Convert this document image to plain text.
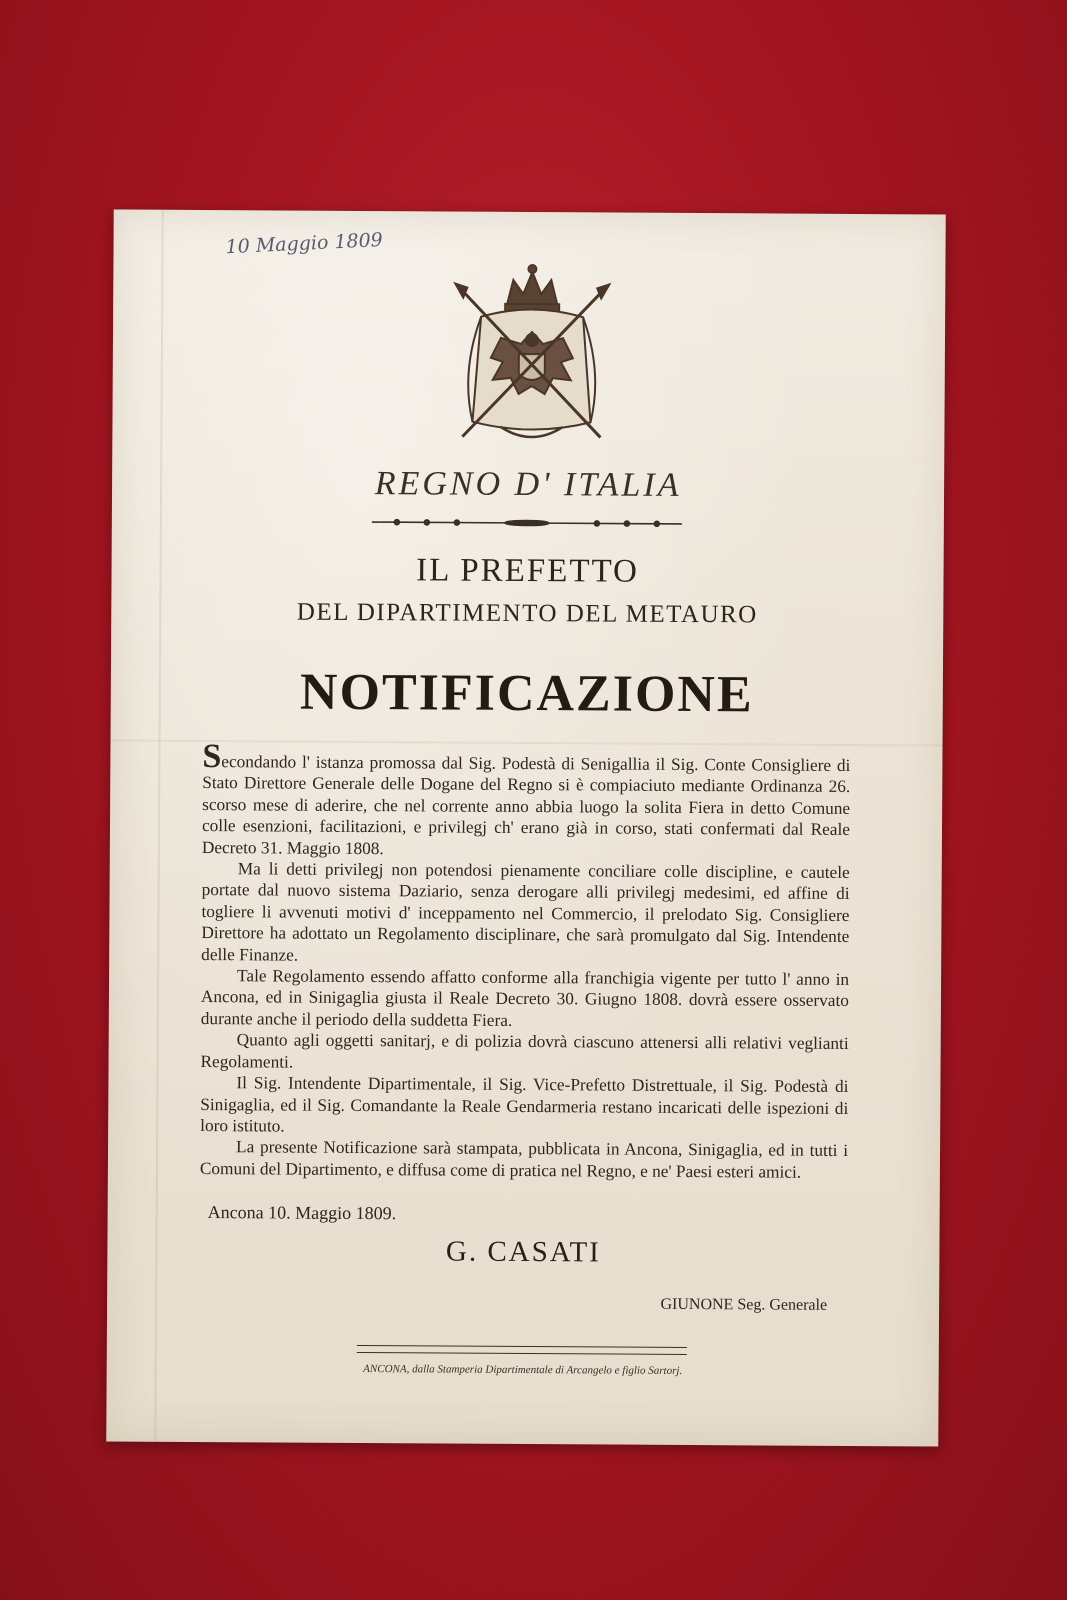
10 Maggio 1809
REGNO D' ITALIA
IL PREFETTO
DEL DIPARTIMENTO DEL METAURO
NOTIFICAZIONE

Secondando l' istanza promossa dal Sig. Podestà di Senigallia il Sig. Conte Consigliere di Stato Direttore Generale delle Dogane del Regno si è compiaciuto mediante Ordinanza 26. scorso mese di aderire, che nel corrente anno abbia luogo la solita Fiera in detto Comune colle esenzioni, facilitazioni, e privilegj ch' erano già in corso, stati confermati dal Reale Decreto 31. Maggio 1808.

Ma li detti privilegj non potendosi pienamente conciliare colle discipline, e cautele portate dal nuovo sistema Daziario, senza derogare alli privilegj medesimi, ed affine di togliere li avvenuti motivi d' inceppamento nel Commercio, il prelodato Sig. Consigliere Direttore ha adottato un Regolamento disciplinare, che sarà promulgato dal Sig. Intendente delle Finanze.

Tale Regolamento essendo affatto conforme alla franchigia vigente per tutto l' anno in Ancona, ed in Sinigaglia giusta il Reale Decreto 30. Giugno 1808. dovrà essere osservato durante anche il periodo della suddetta Fiera.

Quanto agli oggetti sanitarj, e di polizia dovrà ciascuno attenersi alli relativi veglianti Regolamenti.

Il Sig. Intendente Dipartimentale, il Sig. Vice-Prefetto Distrettuale, il Sig. Podestà di Sinigaglia, ed il Sig. Comandante la Reale Gendarmeria restano incaricati delle ispezioni di loro istituto.

La presente Notificazione sarà stampata, pubblicata in Ancona, Sinigaglia, ed in tutti i Comuni del Dipartimento, e diffusa come di pratica nel Regno, e ne' Paesi esteri amici.

Ancona 10. Maggio 1809.
G. CASATI
GIUNONE Seg. Generale
ANCONA, dalla Stamperia Dipartimentale di Arcangelo e figlio Sartorj.
